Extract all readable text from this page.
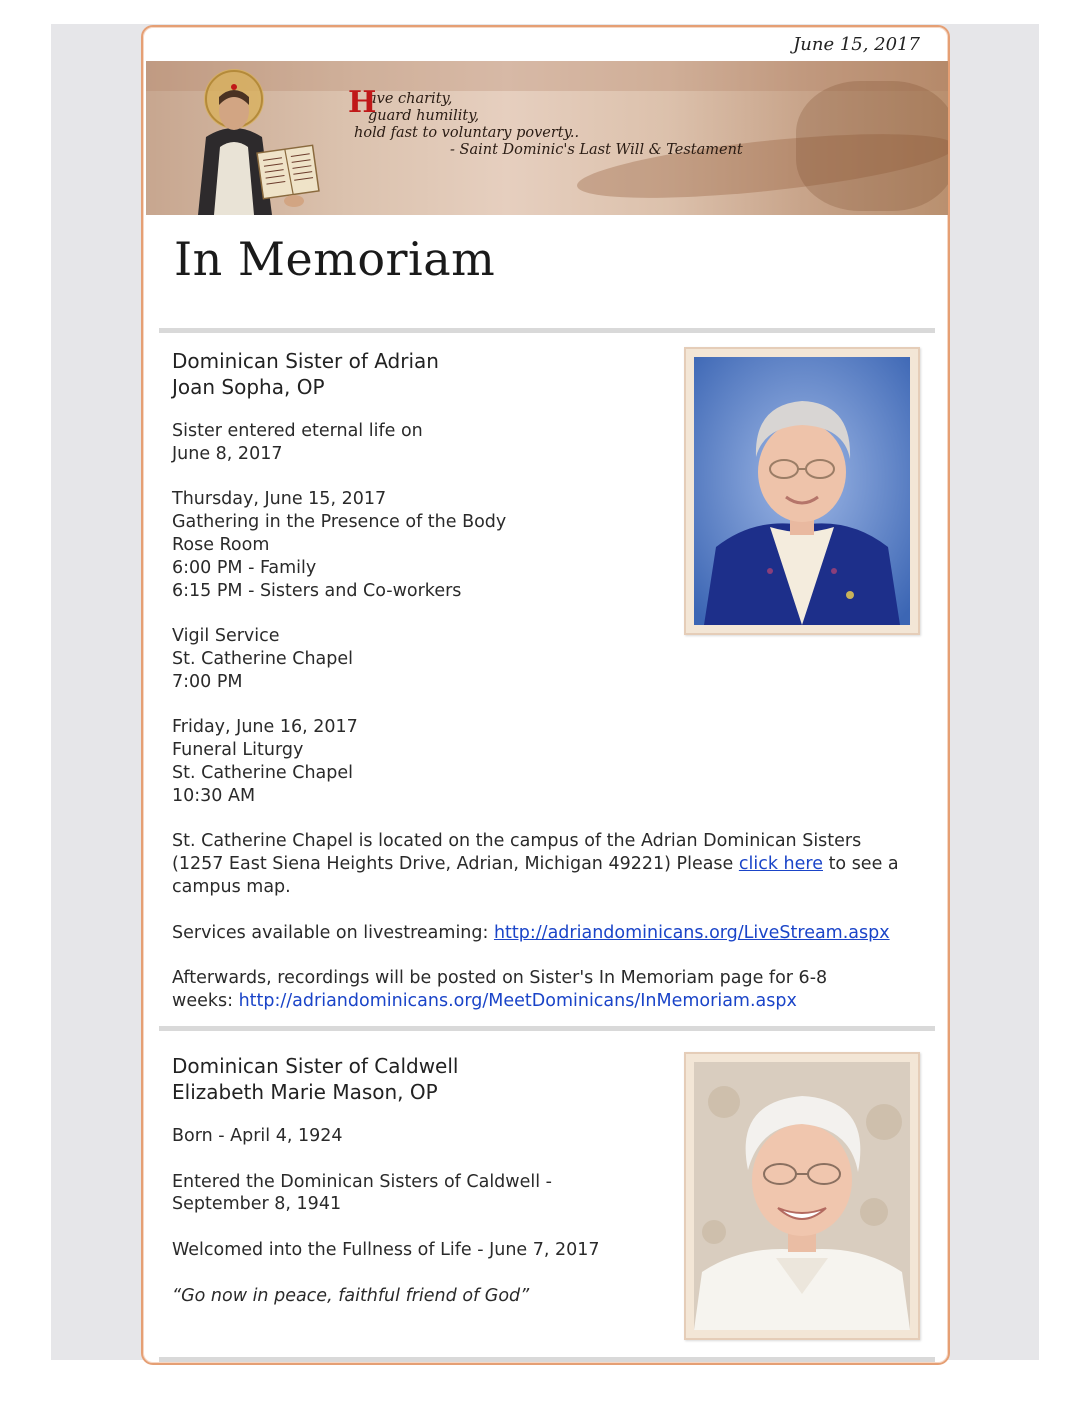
June 15, 2017
H
ave charity,
guard humility,
hold fast to voluntary poverty..
- Saint Dominic's Last Will & Testament
In Memoriam
Dominican Sister of Adrian
Joan Sopha, OP
Sister entered eternal life on
June 8, 2017
Thursday, June 15, 2017
Gathering in the Presence of the Body
Rose Room
6:00 PM - Family
6:15 PM - Sisters and Co-workers
Vigil Service
St. Catherine Chapel
7:00 PM
Friday, June 16, 2017
Funeral Liturgy
St. Catherine Chapel
10:30 AM
St. Catherine Chapel is located on the campus of the Adrian Dominican Sisters
(1257 East Siena Heights Drive, Adrian, Michigan 49221) Please click here to see a
campus map.
Services available on livestreaming: http://adriandominicans.org/LiveStream.aspx
Afterwards, recordings will be posted on Sister's In Memoriam page for 6-8
weeks: http://adriandominicans.org/MeetDominicans/InMemoriam.aspx
Dominican Sister of Caldwell
Elizabeth Marie Mason, OP
Born - April 4, 1924
Entered the Dominican Sisters of Caldwell -
September 8, 1941
Welcomed into the Fullness of Life - June 7, 2017
“Go now in peace, faithful friend of God”
